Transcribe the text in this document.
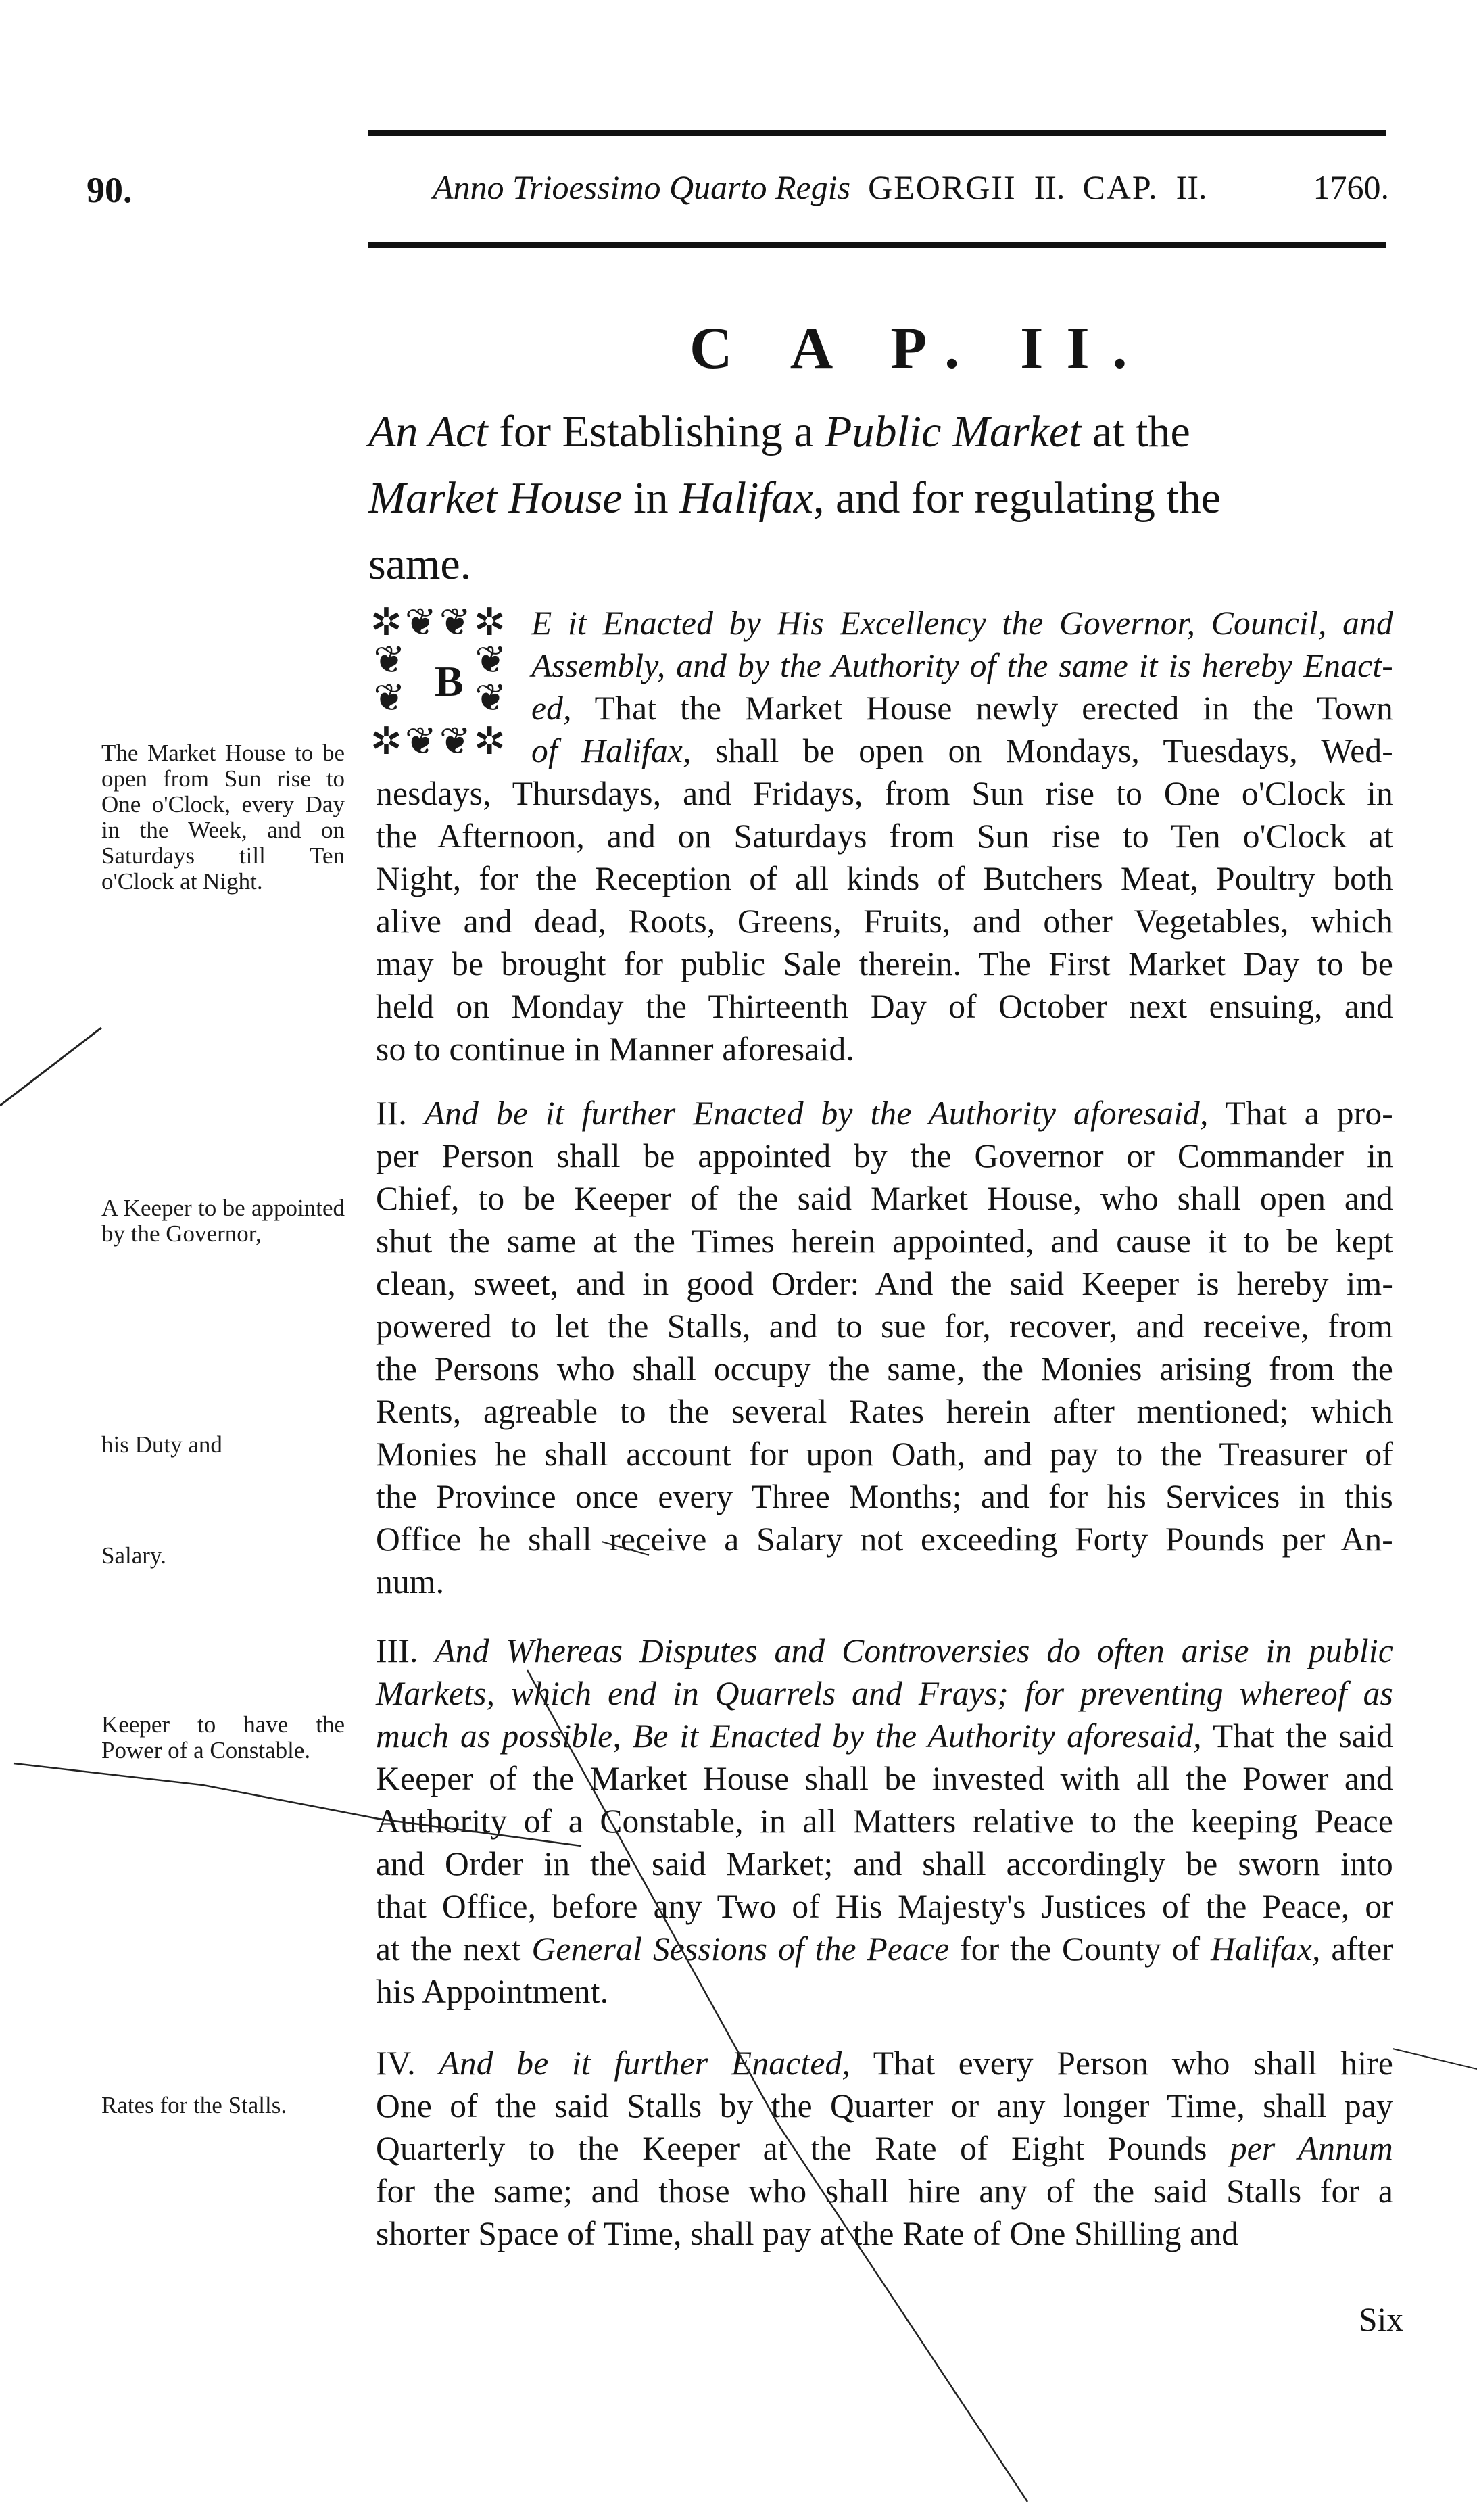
90.	Anno Trioessimo Quarto Regis GEORGII II. CAP. II.	1760.
C A P. II.
An Act for Establishing a Public Market at the
Market House in Halifax, and for regulating the
same.
✲❦❦✲
❦
❦
❦
❦
B
✲❦❦✲
E it Enacted by His Excellency the Governor, Council, and
Assembly, and by the Authority of the same it is hereby Enact-
ed, That the Market House newly erected in the Town
of Halifax, shall be open on Mondays, Tuesdays, Wed-
nesdays, Thursdays, and Fridays, from Sun rise to One o'Clock in
the Afternoon, and on Saturdays from Sun rise to Ten o'Clock at
Night, for the Reception of all kinds of Butchers Meat, Poultry both
alive and dead, Roots, Greens, Fruits, and other Vegetables, which
may be brought for public Sale therein. The First Market Day to be
held on Monday the Thirteenth Day of October next ensuing, and
so to continue in Manner aforesaid.
II. And be it further Enacted by the Authority aforesaid, That a pro-
per Person shall be appointed by the Governor or Commander in
Chief, to be Keeper of the said Market House, who shall open and
shut the same at the Times herein appointed, and cause it to be kept
clean, sweet, and in good Order: And the said Keeper is hereby im-
powered to let the Stalls, and to sue for, recover, and receive, from
the Persons who shall occupy the same, the Monies arising from the
Rents, agreable to the several Rates herein after mentioned; which
Monies he shall account for upon Oath, and pay to the Treasurer of
the Province once every Three Months; and for his Services in this
Office he shall receive a Salary not exceeding Forty Pounds per An-
num.
III. And Whereas Disputes and Controversies do often arise in public
Markets, which end in Quarrels and Frays; for preventing whereof as
much as possible, Be it Enacted by the Authority aforesaid, That the said
Keeper of the Market House shall be invested with all the Power and
Authority of a Constable, in all Matters relative to the keeping Peace
and Order in the said Market; and shall accordingly be sworn into
that Office, before any Two of His Majesty's Justices of the Peace, or
at the next General Sessions of the Peace for the County of Halifax, after
his Appointment.
IV. And be it further Enacted, That every Person who shall hire
One of the said Stalls by the Quarter or any longer Time, shall pay
Quarterly to the Keeper at the Rate of Eight Pounds per Annum
for the same; and those who shall hire any of the said Stalls for a
shorter Space of Time, shall pay at the Rate of One Shilling and
Six
The Market House to be open from Sun rise to One o'Clock, every Day in the Week, and on Saturdays till Ten o'Clock at Night.
A Keeper to be appointed by the Governor,
his Duty and
Salary.
Keeper to have the Power of a Constable.
Rates for the Stalls.
